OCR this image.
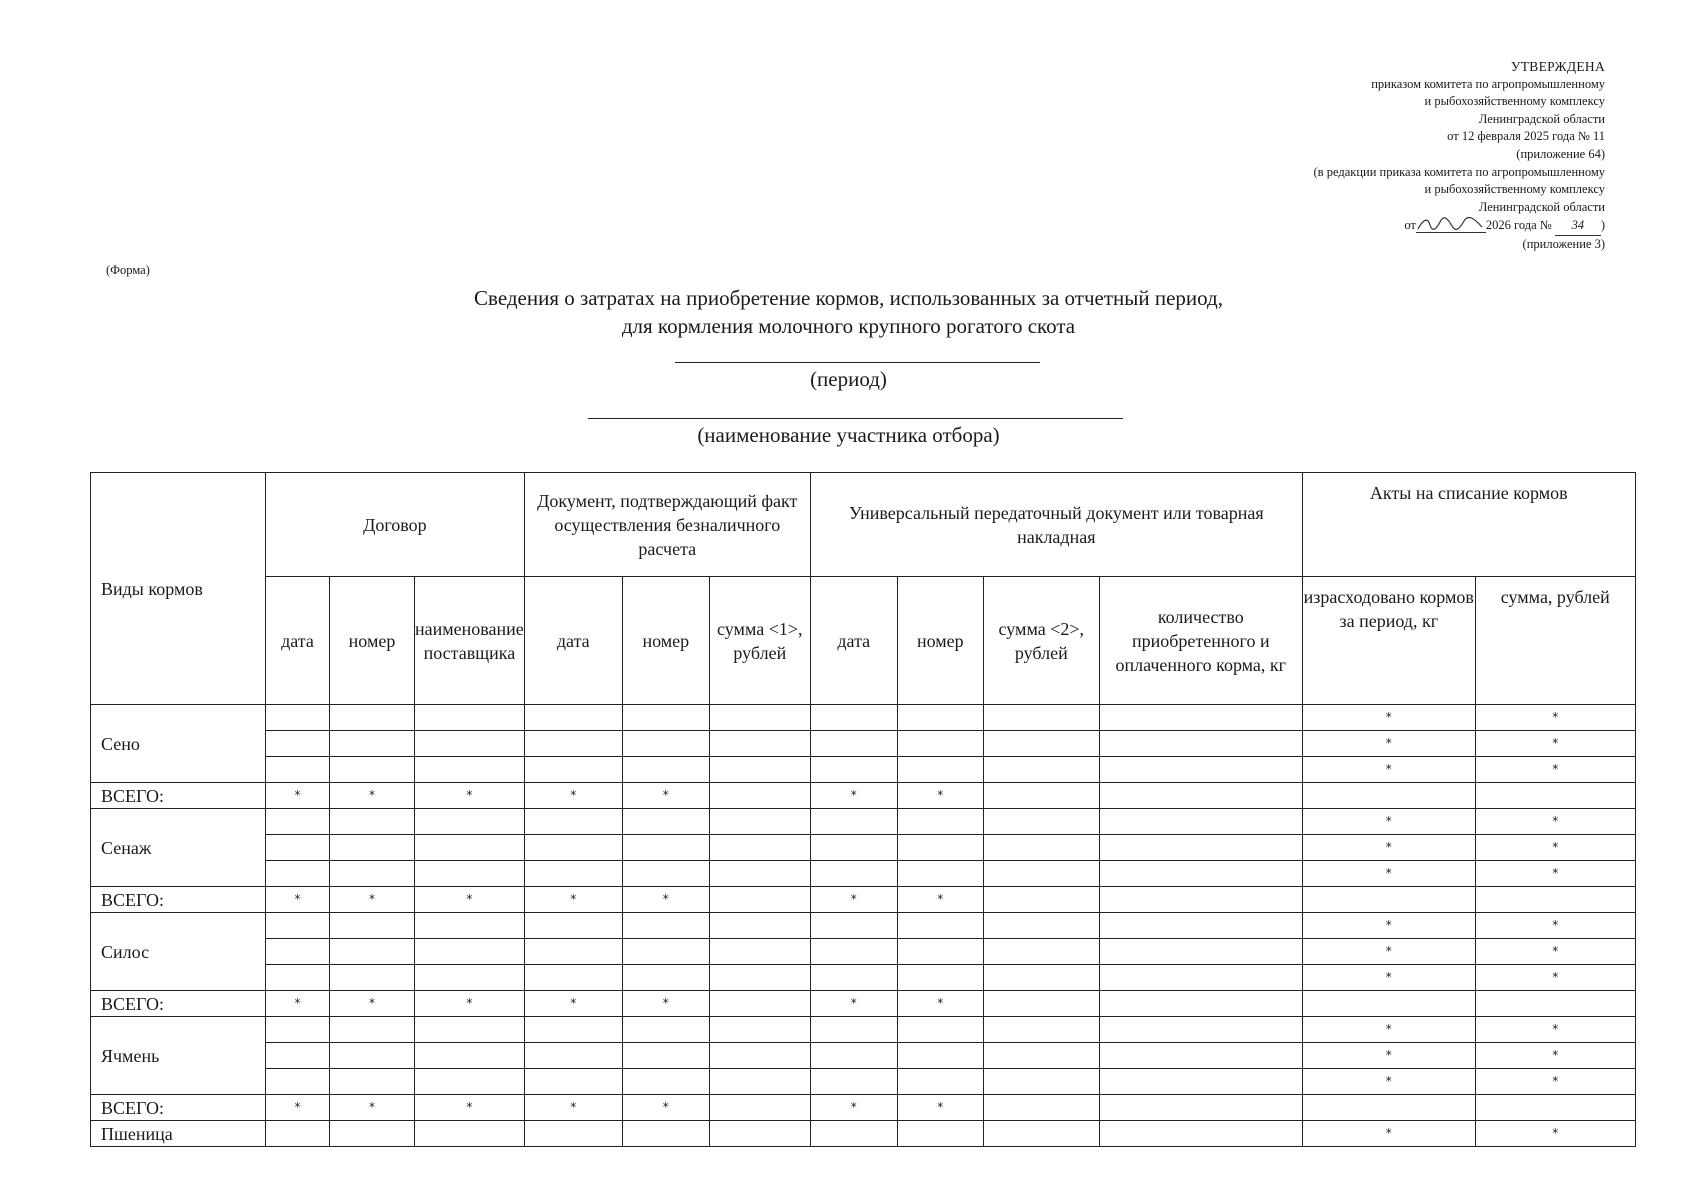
УТВЕРЖДЕНА
приказом комитета по агропромышленному
и рыбохозяйственному комплексу
Ленинградской области
от 12 февраля 2025 года № 11
(приложение 64)
(в редакции приказа комитета по агропромышленному
и рыбохозяйственному комплексу
Ленинградской области
от	2026 года № 34 )
(приложение 3)
(Форма)
Сведения о затратах на приобретение кормов, использованных за отчетный период,
для кормления молочного крупного рогатого скота
(период)
(наименование участника отбора)
Виды кормов	Договор			Документ, подтверждающий факт осуществления безналичного расчета			Универсальный передаточный документ или товарная накладная				Акты на списание кормов	
	дата	номер	наименование поставщика	дата	номер	сумма <1>, рублей	дата	номер	сумма <2>, рублей	количество приобретенного и оплаченного корма, кг	израсходовано кормов за период, кг	сумма, рублей
Сено											*	*
											*	*
											*	*
ВСЕГО:	*	*	*	*	*		*	*				
Сенаж											*	*
											*	*
											*	*
ВСЕГО:	*	*	*	*	*		*	*				
Силос											*	*
											*	*
											*	*
ВСЕГО:	*	*	*	*	*		*	*				
Ячмень											*	*
											*	*
											*	*
ВСЕГО:	*	*	*	*	*		*	*				
Пшеница											*	*
